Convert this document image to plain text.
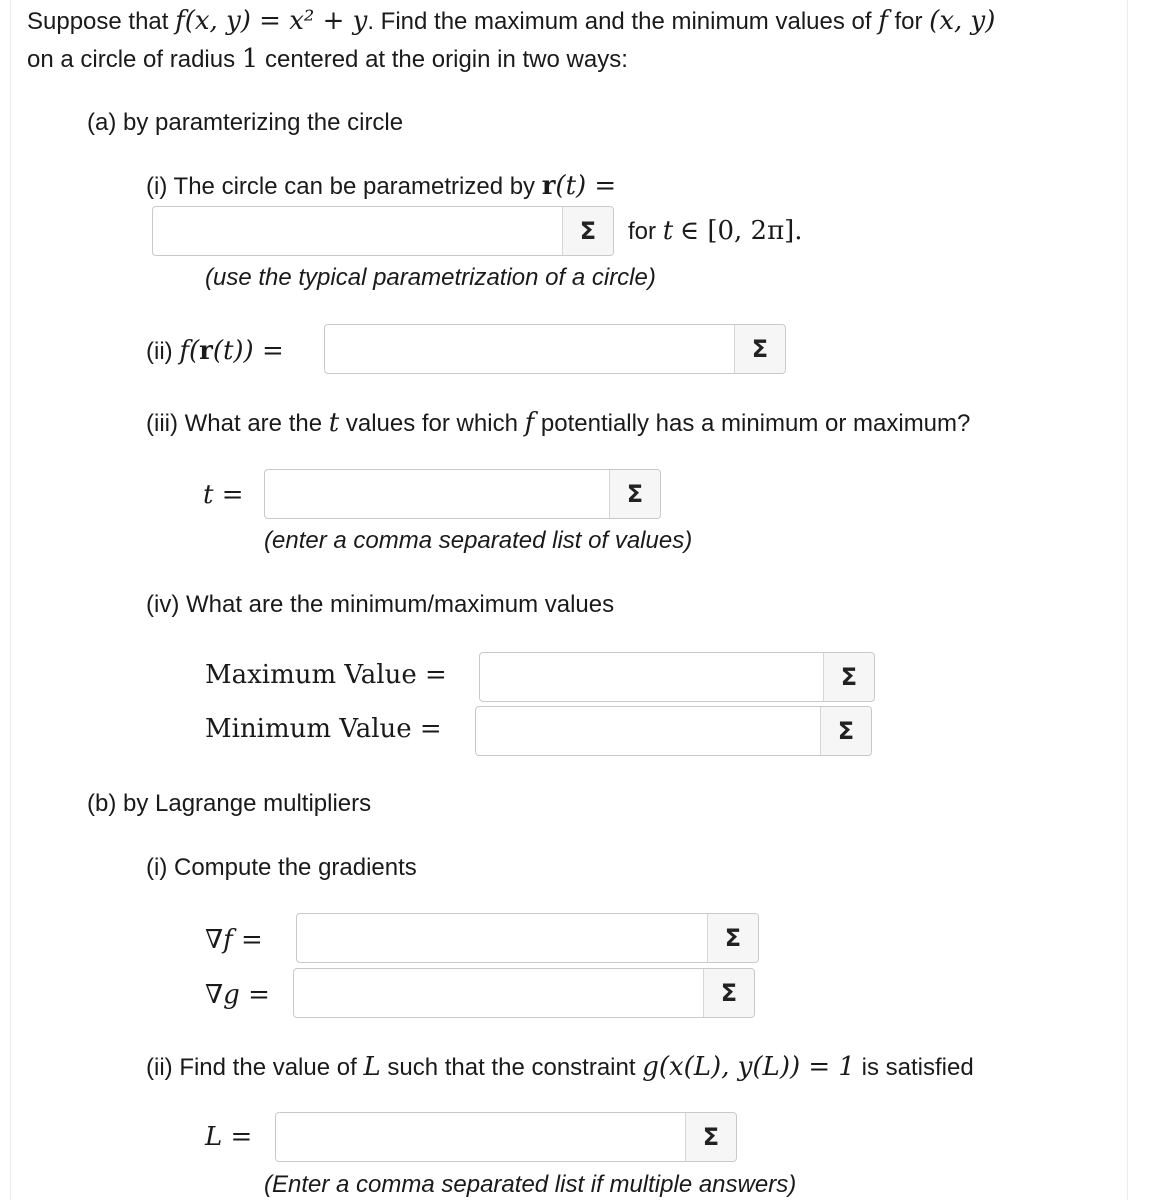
Suppose that f(x, y) = x² + y. Find the maximum and the minimum values of f for (x, y)
on a circle of radius 1 centered at the origin in two ways:
(a) by paramterizing the circle
(i) The circle can be parametrized by r(t) =
Σ	for t ∈ [0, 2π].
(use the typical parametrization of a circle)
(ii) f(r(t)) =	Σ
(iii) What are the t values for which f potentially has a minimum or maximum?
t =	Σ
(enter a comma separated list of values)
(iv) What are the minimum/maximum values
Maximum Value =	Σ
Minimum Value =	Σ
(b) by Lagrange multipliers
(i) Compute the gradients
∇f =	Σ
∇g =	Σ
(ii) Find the value of L such that the constraint g(x(L), y(L)) = 1 is satisfied
L =	Σ
(Enter a comma separated list if multiple answers)
